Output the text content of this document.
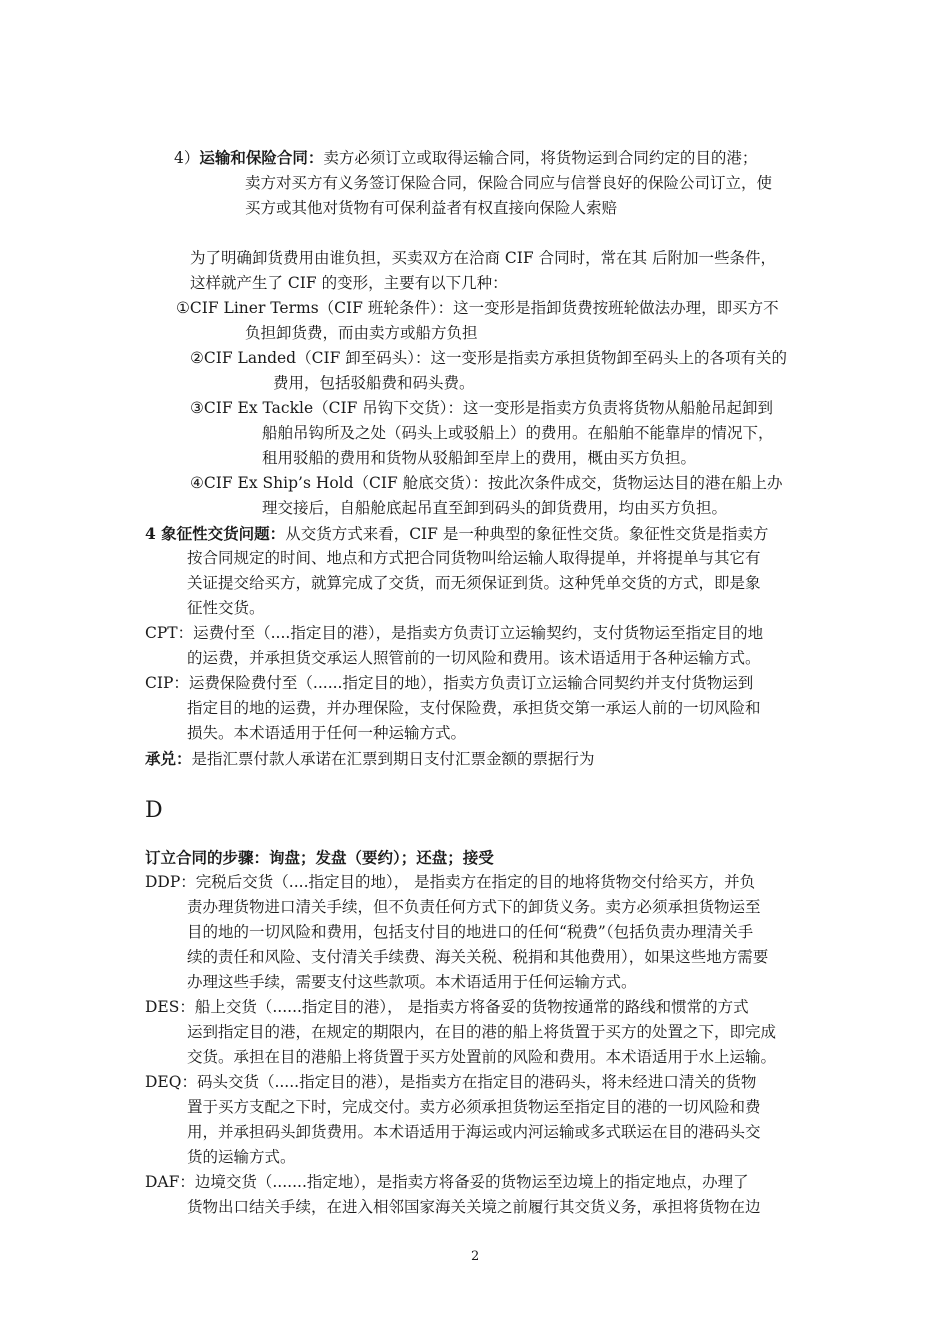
4）运输和保险合同：卖方必须订立或取得运输合同，将货物运到合同约定的目的港；
卖方对买方有义务签订保险合同，保险合同应与信誉良好的保险公司订立，使
买方或其他对货物有可保利益者有权直接向保险人索赔
为了明确卸货费用由谁负担，买卖双方在洽商 CIF 合同时，常在其 后附加一些条件，
这样就产生了 CIF 的变形，主要有以下几种：
①CIF Liner Terms（CIF 班轮条件）：这一变形是指卸货费按班轮做法办理，即买方不
负担卸货费，而由卖方或船方负担
②CIF Landed（CIF 卸至码头）：这一变形是指卖方承担货物卸至码头上的各项有关的
费用，包括驳船费和码头费。
③CIF Ex Tackle（CIF 吊钩下交货）：这一变形是指卖方负责将货物从船舱吊起卸到
船舶吊钩所及之处（码头上或驳船上）的费用。在船舶不能靠岸的情况下，
租用驳船的费用和货物从驳船卸至岸上的费用，概由买方负担。
④CIF Ex Ship’s Hold（CIF 舱底交货）：按此次条件成交，货物运达目的港在船上办
理交接后，自船舱底起吊直至卸到码头的卸货费用，均由买方负担。
4 象征性交货问题：从交货方式来看，CIF 是一种典型的象征性交货。象征性交货是指卖方
按合同规定的时间、地点和方式把合同货物叫给运输人取得提单，并将提单与其它有
关证提交给买方，就算完成了交货，而无须保证到货。这种凭单交货的方式，即是象
征性交货。
CPT：运费付至（....指定目的港），是指卖方负责订立运输契约，支付货物运至指定目的地
的运费，并承担货交承运人照管前的一切风险和费用。该术语适用于各种运输方式。
CIP：运费保险费付至（......指定目的地），指卖方负责订立运输合同契约并支付货物运到
指定目的地的运费，并办理保险，支付保险费，承担货交第一承运人前的一切风险和
损失。本术语适用于任何一种运输方式。
承兑：是指汇票付款人承诺在汇票到期日支付汇票金额的票据行为
D
订立合同的步骤：询盘；发盘（要约）；还盘；接受
DDP：完税后交货（....指定目的地）， 是指卖方在指定的目的地将货物交付给买方，并负
责办理货物进口清关手续，但不负责任何方式下的卸货义务。卖方必须承担货物运至
目的地的一切风险和费用，包括支付目的地进口的任何“税费”（包括负责办理清关手
续的责任和风险、支付清关手续费、海关关税、税捐和其他费用），如果这些地方需要
办理这些手续，需要支付这些款项。本术语适用于任何运输方式。
DES：船上交货（......指定目的港）， 是指卖方将备妥的货物按通常的路线和惯常的方式
运到指定目的港，在规定的期限内，在目的港的船上将货置于买方的处置之下，即完成
交货。承担在目的港船上将货置于买方处置前的风险和费用。本术语适用于水上运输。
DEQ：码头交货（.....指定目的港），是指卖方在指定目的港码头，将未经进口清关的货物
置于买方支配之下时，完成交付。卖方必须承担货物运至指定目的港的一切风险和费
用，并承担码头卸货费用。本术语适用于海运或内河运输或多式联运在目的港码头交
货的运输方式。
DAF：边境交货（.......指定地），是指卖方将备妥的货物运至边境上的指定地点，办理了
货物出口结关手续，在进入相邻国家海关关境之前履行其交货义务，承担将货物在边
2
